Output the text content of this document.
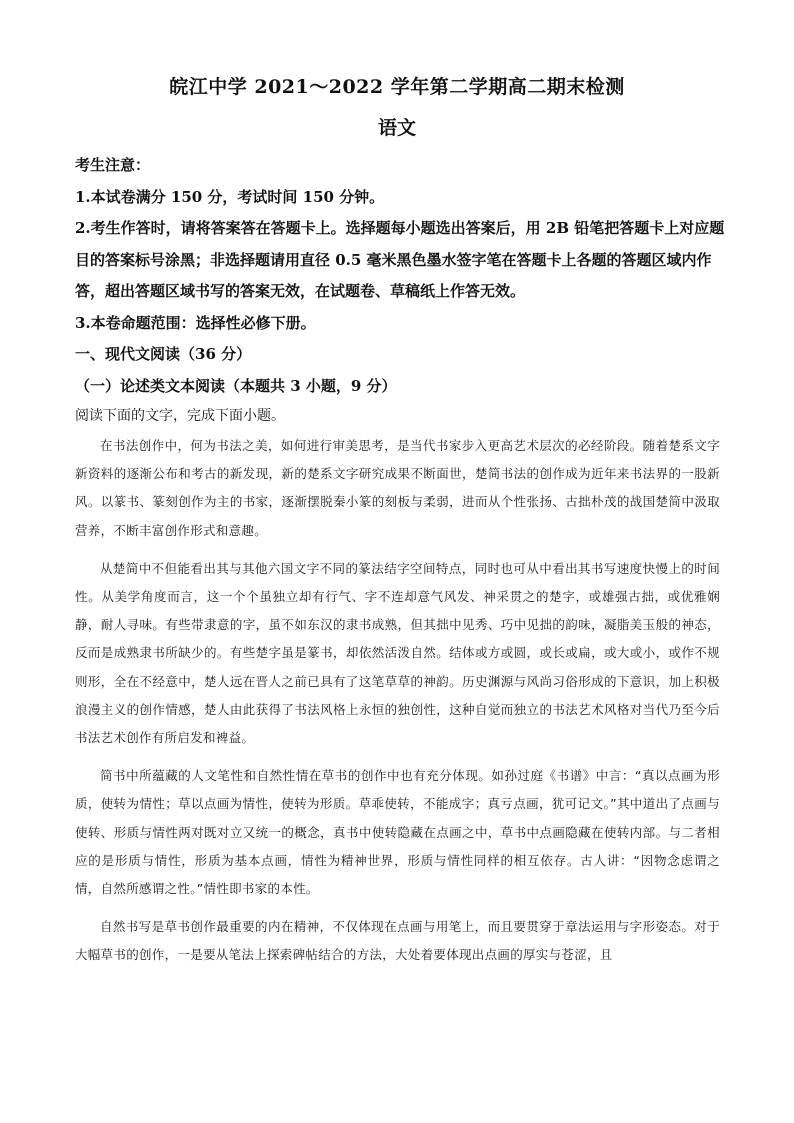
皖江中学 2021～2022 学年第二学期高二期末检测
语文

考生注意：

1.本试卷满分 150 分，考试时间 150 分钟。

2.考生作答时，请将答案答在答题卡上。选择题每小题选出答案后，用 2B 铅笔把答题卡上对应题目的答案标号涂黑；非选择题请用直径 0.5 毫米黑色墨水签字笔在答题卡上各题的答题区域内作答，超出答题区域书写的答案无效，在试题卷、草稿纸上作答无效。

3.本卷命题范围：选择性必修下册。

一、现代文阅读（36 分）

（一）论述类文本阅读（本题共 3 小题，9 分）

阅读下面的文字，完成下面小题。

在书法创作中，何为书法之美，如何进行审美思考，是当代书家步入更高艺术层次的必经阶段。随着楚系文字新资料的逐渐公布和考古的新发现，新的楚系文字研究成果不断面世，楚简书法的创作成为近年来书法界的一股新风。以篆书、篆刻创作为主的书家，逐渐摆脱秦小篆的刻板与柔弱，进而从个性张扬、古拙朴茂的战国楚简中汲取营养，不断丰富创作形式和意趣。

从楚简中不但能看出其与其他六国文字不同的篆法结字空间特点，同时也可从中看出其书写速度快慢上的时间性。从美学角度而言，这一个个虽独立却有行气、字不连却意气风发、神采贯之的楚字，或雄强古拙，或优雅娴静，耐人寻味。有些带隶意的字，虽不如东汉的隶书成熟，但其拙中见秀、巧中见拙的韵味，凝脂美玉般的神态，反而是成熟隶书所缺少的。有些楚字虽是篆书，却依然活泼自然。结体或方或圆，或长或扁，或大或小，或作不规则形，全在不经意中，楚人远在晋人之前已具有了这笔草草的神韵。历史渊源与风尚习俗形成的下意识，加上积极浪漫主义的创作情感，楚人由此获得了书法风格上永恒的独创性，这种自觉而独立的书法艺术风格对当代乃至今后书法艺术创作有所启发和裨益。

简书中所蕴藏的人文笔性和自然性情在草书的创作中也有充分体现。如孙过庭《书谱》中言：“真以点画为形质，使转为情性；草以点画为情性，使转为形质。草乖使转，不能成字；真亏点画，犹可记文。”其中道出了点画与使转、形质与情性两对既对立又统一的概念，真书中使转隐藏在点画之中，草书中点画隐藏在使转内部。与二者相应的是形质与情性，形质为基本点画，情性为精神世界，形质与情性同样的相互依存。古人讲：“因物念虑谓之情，自然所感谓之性。”情性即书家的本性。

自然书写是草书创作最重要的内在精神，不仅体现在点画与用笔上，而且要贯穿于章法运用与字形姿态。对于大幅草书的创作，一是要从笔法上探索碑帖结合的方法，大处着要体现出点画的厚实与苍涩，且
